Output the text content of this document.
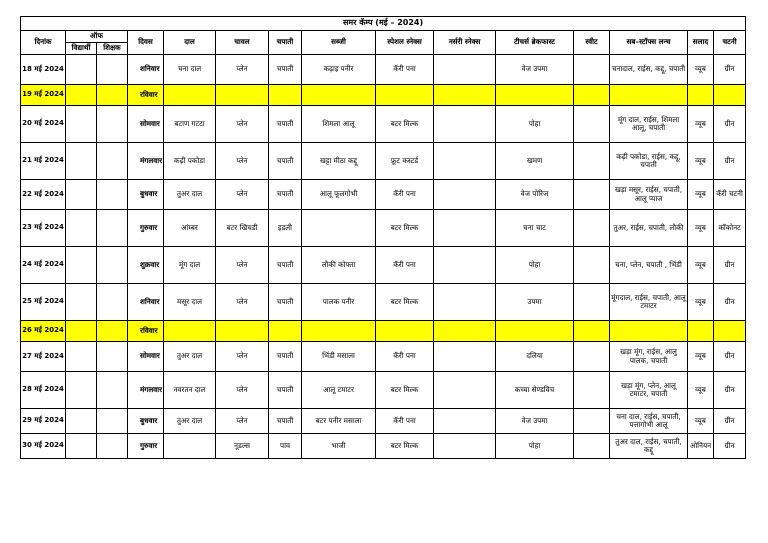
समर कॅम्प (मई – 2024)														
दिनांक	ऑफ		दिवस	दाल	चावल	चपाती	सब्जी	स्पेशल स्नेक्स	नर्सरी स्नेक्स	टीचर्स ब्रेकफास्ट	स्वीट	सब–स्टॉफ्स लन्च	सलाद	चटनी
	विद्यार्थी	शिक्षक												
18 मई 2024			शनिवार	चना दाल	प्लेन	चपाती	कढ़ाइ पनीर	कॅरी पना		वेज उपमा		चनादाल, राईस, कद्दू, चपाती	व्यूब	ग्रीन
19 मई 2024			रविवार											
20 मई 2024			सोमवार	बटाण गटटा	प्लेन	चपाती	शिमला आलू	बटर मिल्क		पोहा		मूंग दाल, राईस, शिमला आलू, चपाती	व्यूब	ग्रीन
21 मई 2024			मंगलवार	कढ़ी पकोडा	प्लेन	चपाती	खट्टा मीठा कद्दू	फ्रूट कस्टर्ड		खमण		कढ़ी पकोडा, राईस, कद्दू, चपाती	व्यूब	ग्रीन
22 मई 2024			बुधवार	तुअर दाल	प्लेन	चपाती	आलू फूलगोभी	कॅरी पना		वेज पोरिज		खड़ा मसूर, राईस, चपाती, आलू प्याज	व्यूब	कॅरी चटनी
23 मई 2024			गुरुवार	आंम्बर	बटर खिचडी	इडली		बटर मिल्क		चना चाट		तुअर, राईस, चपाती, लौकी	व्यूब	कॉकोनट
24 मई 2024			शुक्रवार	मूंग दाल	प्लेन	चपाती	लौकी कोफ्ता	कॅरी पना		पोहा		चना, प्लेन, चपाती , भिंडी	व्यूब	ग्रीन
25 मई 2024			शनिवार	मसूर दाल	प्लेन	चपाती	पालक पनीर	बटर मिल्क		उपमा		मूंगदाल, राईस, चपाती, आलू टमाटर	व्यूब	ग्रीन
26 मई 2024			रविवार											
27 मई 2024			सोमवार	तुअर दाल	प्लेन	चपाती	भिंडी मसाला	कॅरी पना		दलिया		खड़ा मूंग, राईस, आलु पालक, चपाती	व्यूब	ग्रीन
28 मई 2024			मंगलवार	नवरतन दाल	प्लेन	चपाती	आलू टमाटर	बटर मिल्क		कच्चा सेण्डविच		खड़ा मूंग, प्लेन, आलू टमाटर, चपाती	व्यूब	ग्रीन
29 मई 2024			बुधवार	तुअर दाल	प्लेन	चपाती	बटर पनीर मसाला	कॅरी पना		वेज उपमा		चना दाल, राईस, चपाती, पत्तागोभी आलू	व्यूब	ग्रीन
30 मई 2024			गुरुवार		नूडल्स	पाव	भाजी	बटर मिल्क		पोहा		तुअर दाल, राईस, चपाती, कद्दू	ओनियन	ग्रीन
